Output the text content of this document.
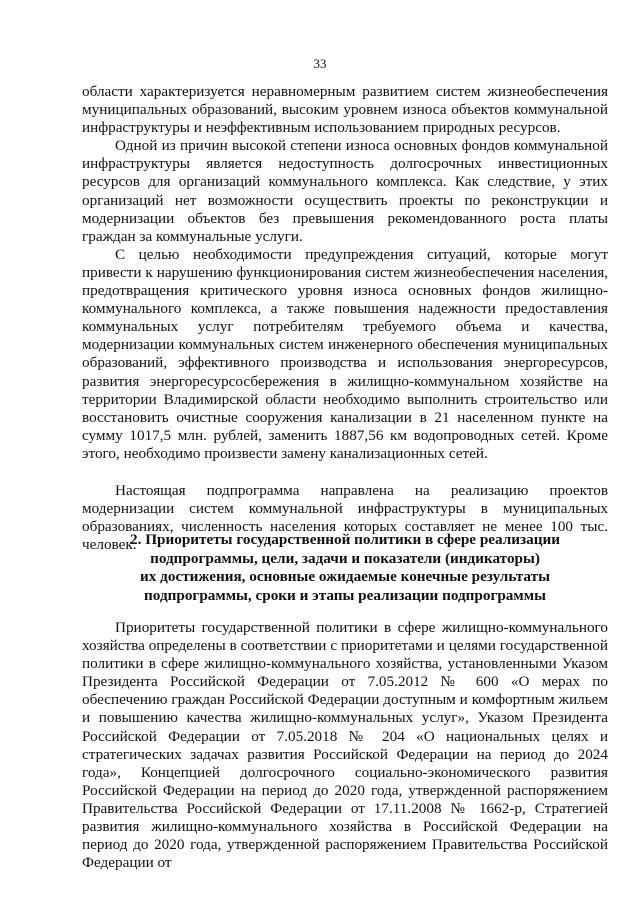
33

области характеризуется неравномерным развитием систем жизнеобеспечения муниципальных образований, высоким уровнем износа объектов коммунальной инфраструктуры и неэффективным использованием природных ресурсов.

Одной из причин высокой степени износа основных фондов коммунальной инфраструктуры является недоступность долгосрочных инвестиционных ресурсов для организаций коммунального комплекса. Как следствие, у этих организаций нет возможности осуществить проекты по реконструкции и модернизации объектов без превышения рекомендованного роста платы граждан за коммунальные услуги.

С целью необходимости предупреждения ситуаций, которые могут привести к нарушению функционирования систем жизнеобеспечения населения, предотвращения критического уровня износа основных фондов жилищно-коммунального комплекса, а также повышения надежности предоставления коммунальных услуг потребителям требуемого объема и качества, модернизации коммунальных систем инженерного обеспечения муниципальных образований, эффективного производства и использования энергоресурсов, развития энергоресурсосбережения в жилищно-коммунальном хозяйстве на территории Владимирской области необходимо выполнить строительство или восстановить очистные сооружения канализации в 21 населенном пункте на сумму 1017,5 млн. рублей, заменить 1887,56 км водопроводных сетей. Кроме этого, необходимо произвести замену канализационных сетей.

Настоящая подпрограмма направлена на реализацию проектов модернизации систем коммунальной инфраструктуры в муниципальных образованиях, численность населения которых составляет не менее 100 тыс. человек.

2. Приоритеты государственной политики в сфере реализации
подпрограммы, цели, задачи и показатели (индикаторы)
их достижения, основные ожидаемые конечные результаты
подпрограммы, сроки и этапы реализации подпрограммы

Приоритеты государственной политики в сфере жилищно-коммунального хозяйства определены в соответствии с приоритетами и целями государственной политики в сфере жилищно-коммунального хозяйства, установленными Указом Президента Российской Федерации от 7.05.2012 № 600 «О мерах по обеспечению граждан Российской Федерации доступным и комфортным жильем и повышению качества жилищно-коммунальных услуг», Указом Президента Российской Федерации от 7.05.2018 № 204 «О национальных целях и стратегических задачах развития Российской Федерации на период до 2024 года», Концепцией долгосрочного социально-экономического развития Российской Федерации на период до 2020 года, утвержденной распоряжением Правительства Российской Федерации от 17.11.2008 № 1662-р, Стратегией развития жилищно-коммунального хозяйства в Российской Федерации на период до 2020 года, утвержденной распоряжением Правительства Российской Федерации от
